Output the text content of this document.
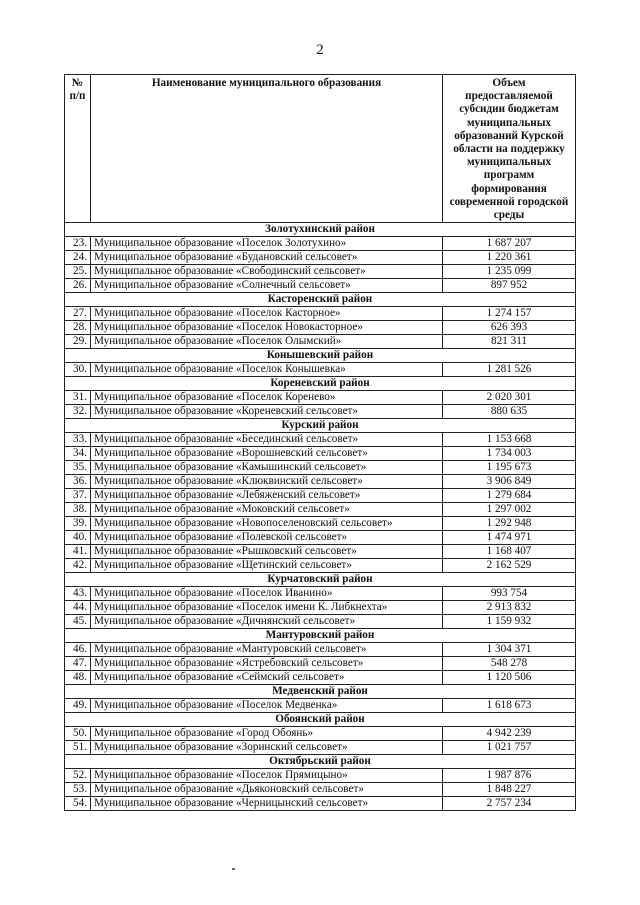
2
№ п/п	Наименование муниципального образования	Объем предоставляемой субсидии бюджетам муниципальных образований Курской области на поддержку муниципальных программ формирования современной городской среды
Золотухинский район		
23.	Муниципальное образование «Поселок Золотухино»	1 687 207
24.	Муниципальное образование «Будановский сельсовет»	1 220 361
25.	Муниципальное образование «Свободинский сельсовет»	1 235 099
26.	Муниципальное образование «Солнечный сельсовет»	897 952
Касторенский район		
27.	Муниципальное образование «Поселок Касторное»	1 274 157
28.	Муниципальное образование «Поселок Новокасторное»	626 393
29.	Муниципальное образование «Поселок Олымский»	821 311
Конышевский район		
30.	Муниципальное образование «Поселок Конышевка»	1 281 526
Кореневский район		
31.	Муниципальное образование «Поселок Коренево»	2 020 301
32.	Муниципальное образование «Кореневский сельсовет»	880 635
Курский район		
33.	Муниципальное образование «Бесединский сельсовет»	1 153 668
34.	Муниципальное образование «Ворошневский сельсовет»	1 734 003
35.	Муниципальное образование «Камышинский сельсовет»	1 195 673
36.	Муниципальное образование «Клюквинский сельсовет»	3 906 849
37.	Муниципальное образование «Лебяженский сельсовет»	1 279 684
38.	Муниципальное образование «Моковский сельсовет»	1 297 002
39.	Муниципальное образование «Новопоселеновский сельсовет»	1 292 948
40.	Муниципальное образование «Полевской сельсовет»	1 474 971
41.	Муниципальное образование «Рышковский сельсовет»	1 168 407
42.	Муниципальное образование «Щетинский сельсовет»	2 162 529
Курчатовский район		
43.	Муниципальное образование «Поселок Иванино»	993 754
44.	Муниципальное образование «Поселок имени К. Либкнехта»	2 913 832
45.	Муниципальное образование «Дичнянский сельсовет»	1 159 932
Мантуровский район		
46.	Муниципальное образование «Мантуровский сельсовет»	1 304 371
47.	Муниципальное образование «Ястребовский сельсовет»	548 278
48.	Муниципальное образование «Сеймский сельсовет»	1 120 506
Медвенский район		
49.	Муниципальное образование «Поселок Медвенка»	1 618 673
Обоянский район		
50.	Муниципальное образование «Город Обоянь»	4 942 239
51.	Муниципальное образование «Зоринский сельсовет»	1 021 757
Октябрьский район		
52.	Муниципальное образование «Поселок Прямицыно»	1 987 876
53.	Муниципальное образование «Дьяконовский сельсовет»	1 848 227
54.	Муниципальное образование «Черницынский сельсовет»	2 757 234
